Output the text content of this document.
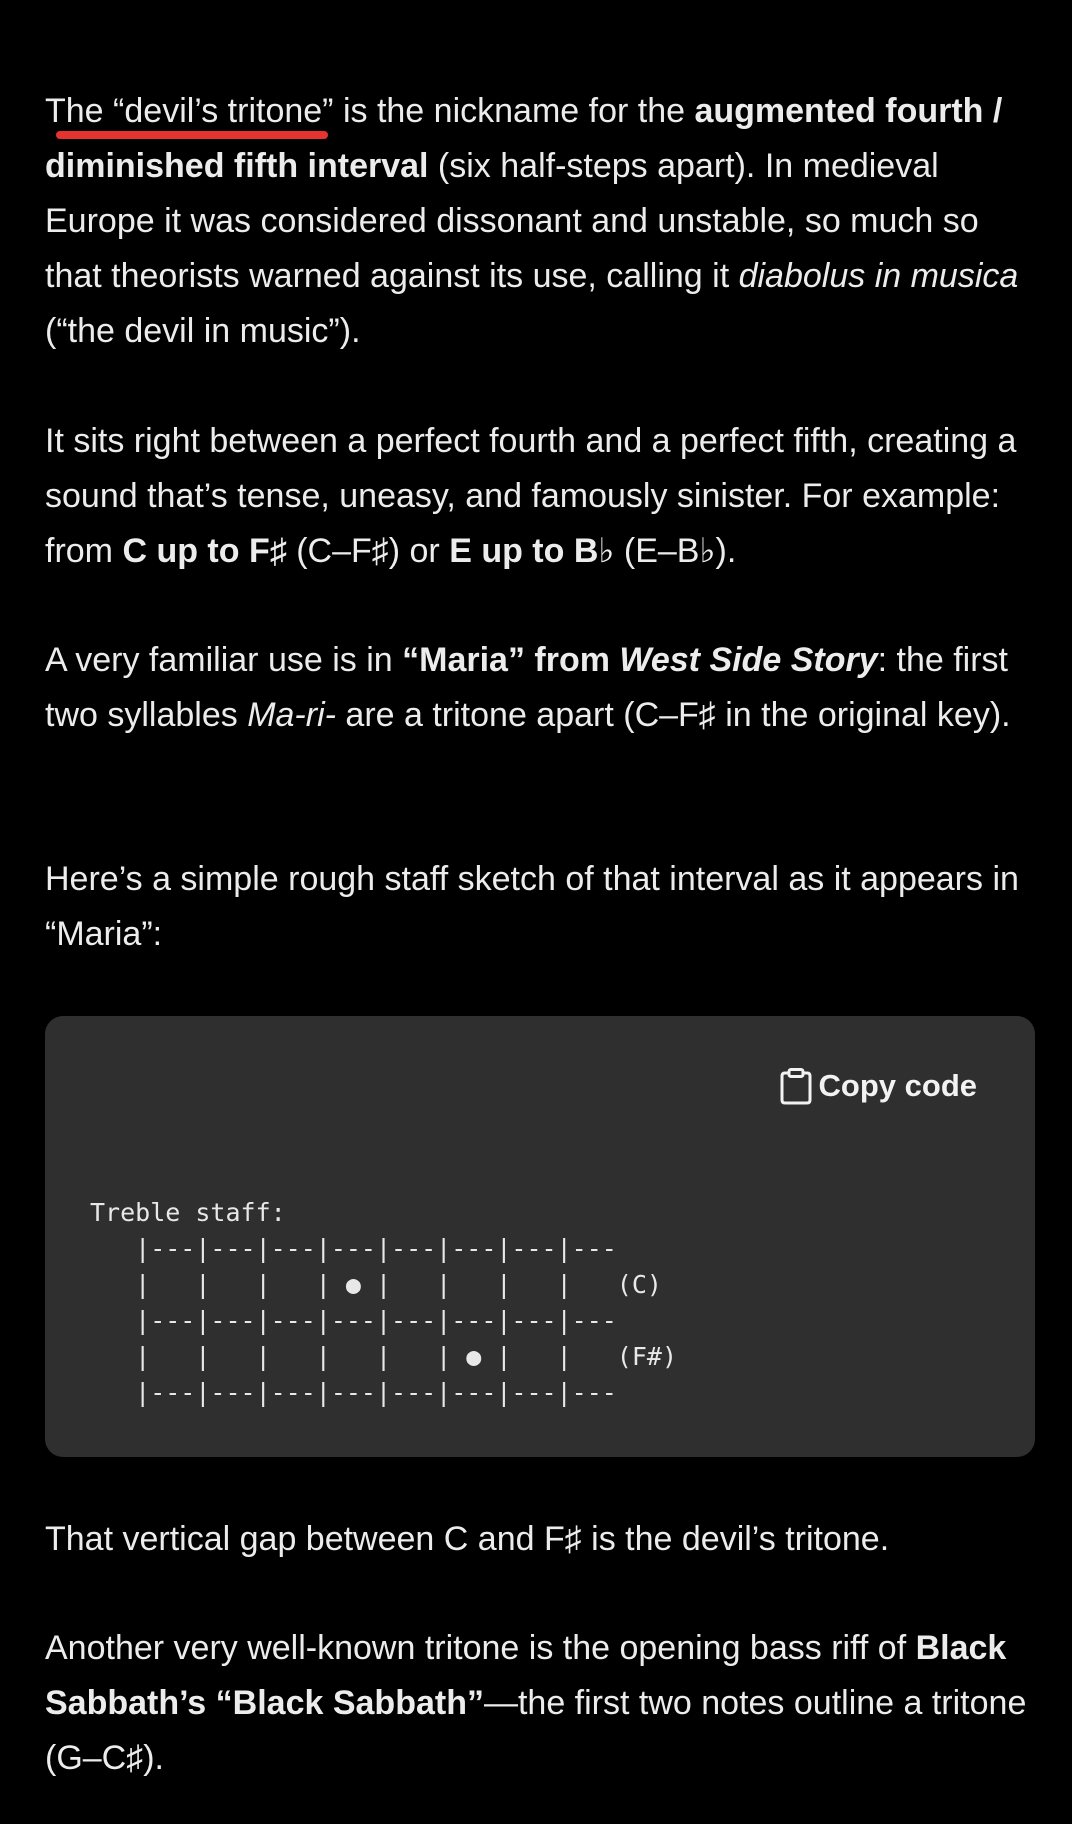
The “devil’s tritone” is the nickname for the augmented fourth / diminished fifth interval (six half-steps apart). In medieval Europe it was considered dissonant and unstable, so much so that theorists warned against its use, calling it diabolus in musica (“the devil in music”).

It sits right between a perfect fourth and a perfect fifth, creating a sound that’s tense, uneasy, and famously sinister. For example: from C up to F♯ (C–F♯) or E up to B♭ (E–B♭).

A very familiar use is in “Maria” from West Side Story: the first two syllables Ma-ri- are a tritone apart (C–F♯ in the original key).

Here’s a simple rough staff sketch of that interval as it appears in “Maria”:

That vertical gap between C and F♯ is the devil’s tritone.

Another very well-known tritone is the opening bass riff of Black Sabbath’s “Black Sabbath”—the first two notes outline a tritone (G–C♯).

Copy code
Treble staff:
|---|---|---|---|---|---|---|---
|   |   |   | ● |   |   |   |   (C)
|---|---|---|---|---|---|---|---
|   |   |   |   |   | ● |   |   (F#)
|---|---|---|---|---|---|---|---
